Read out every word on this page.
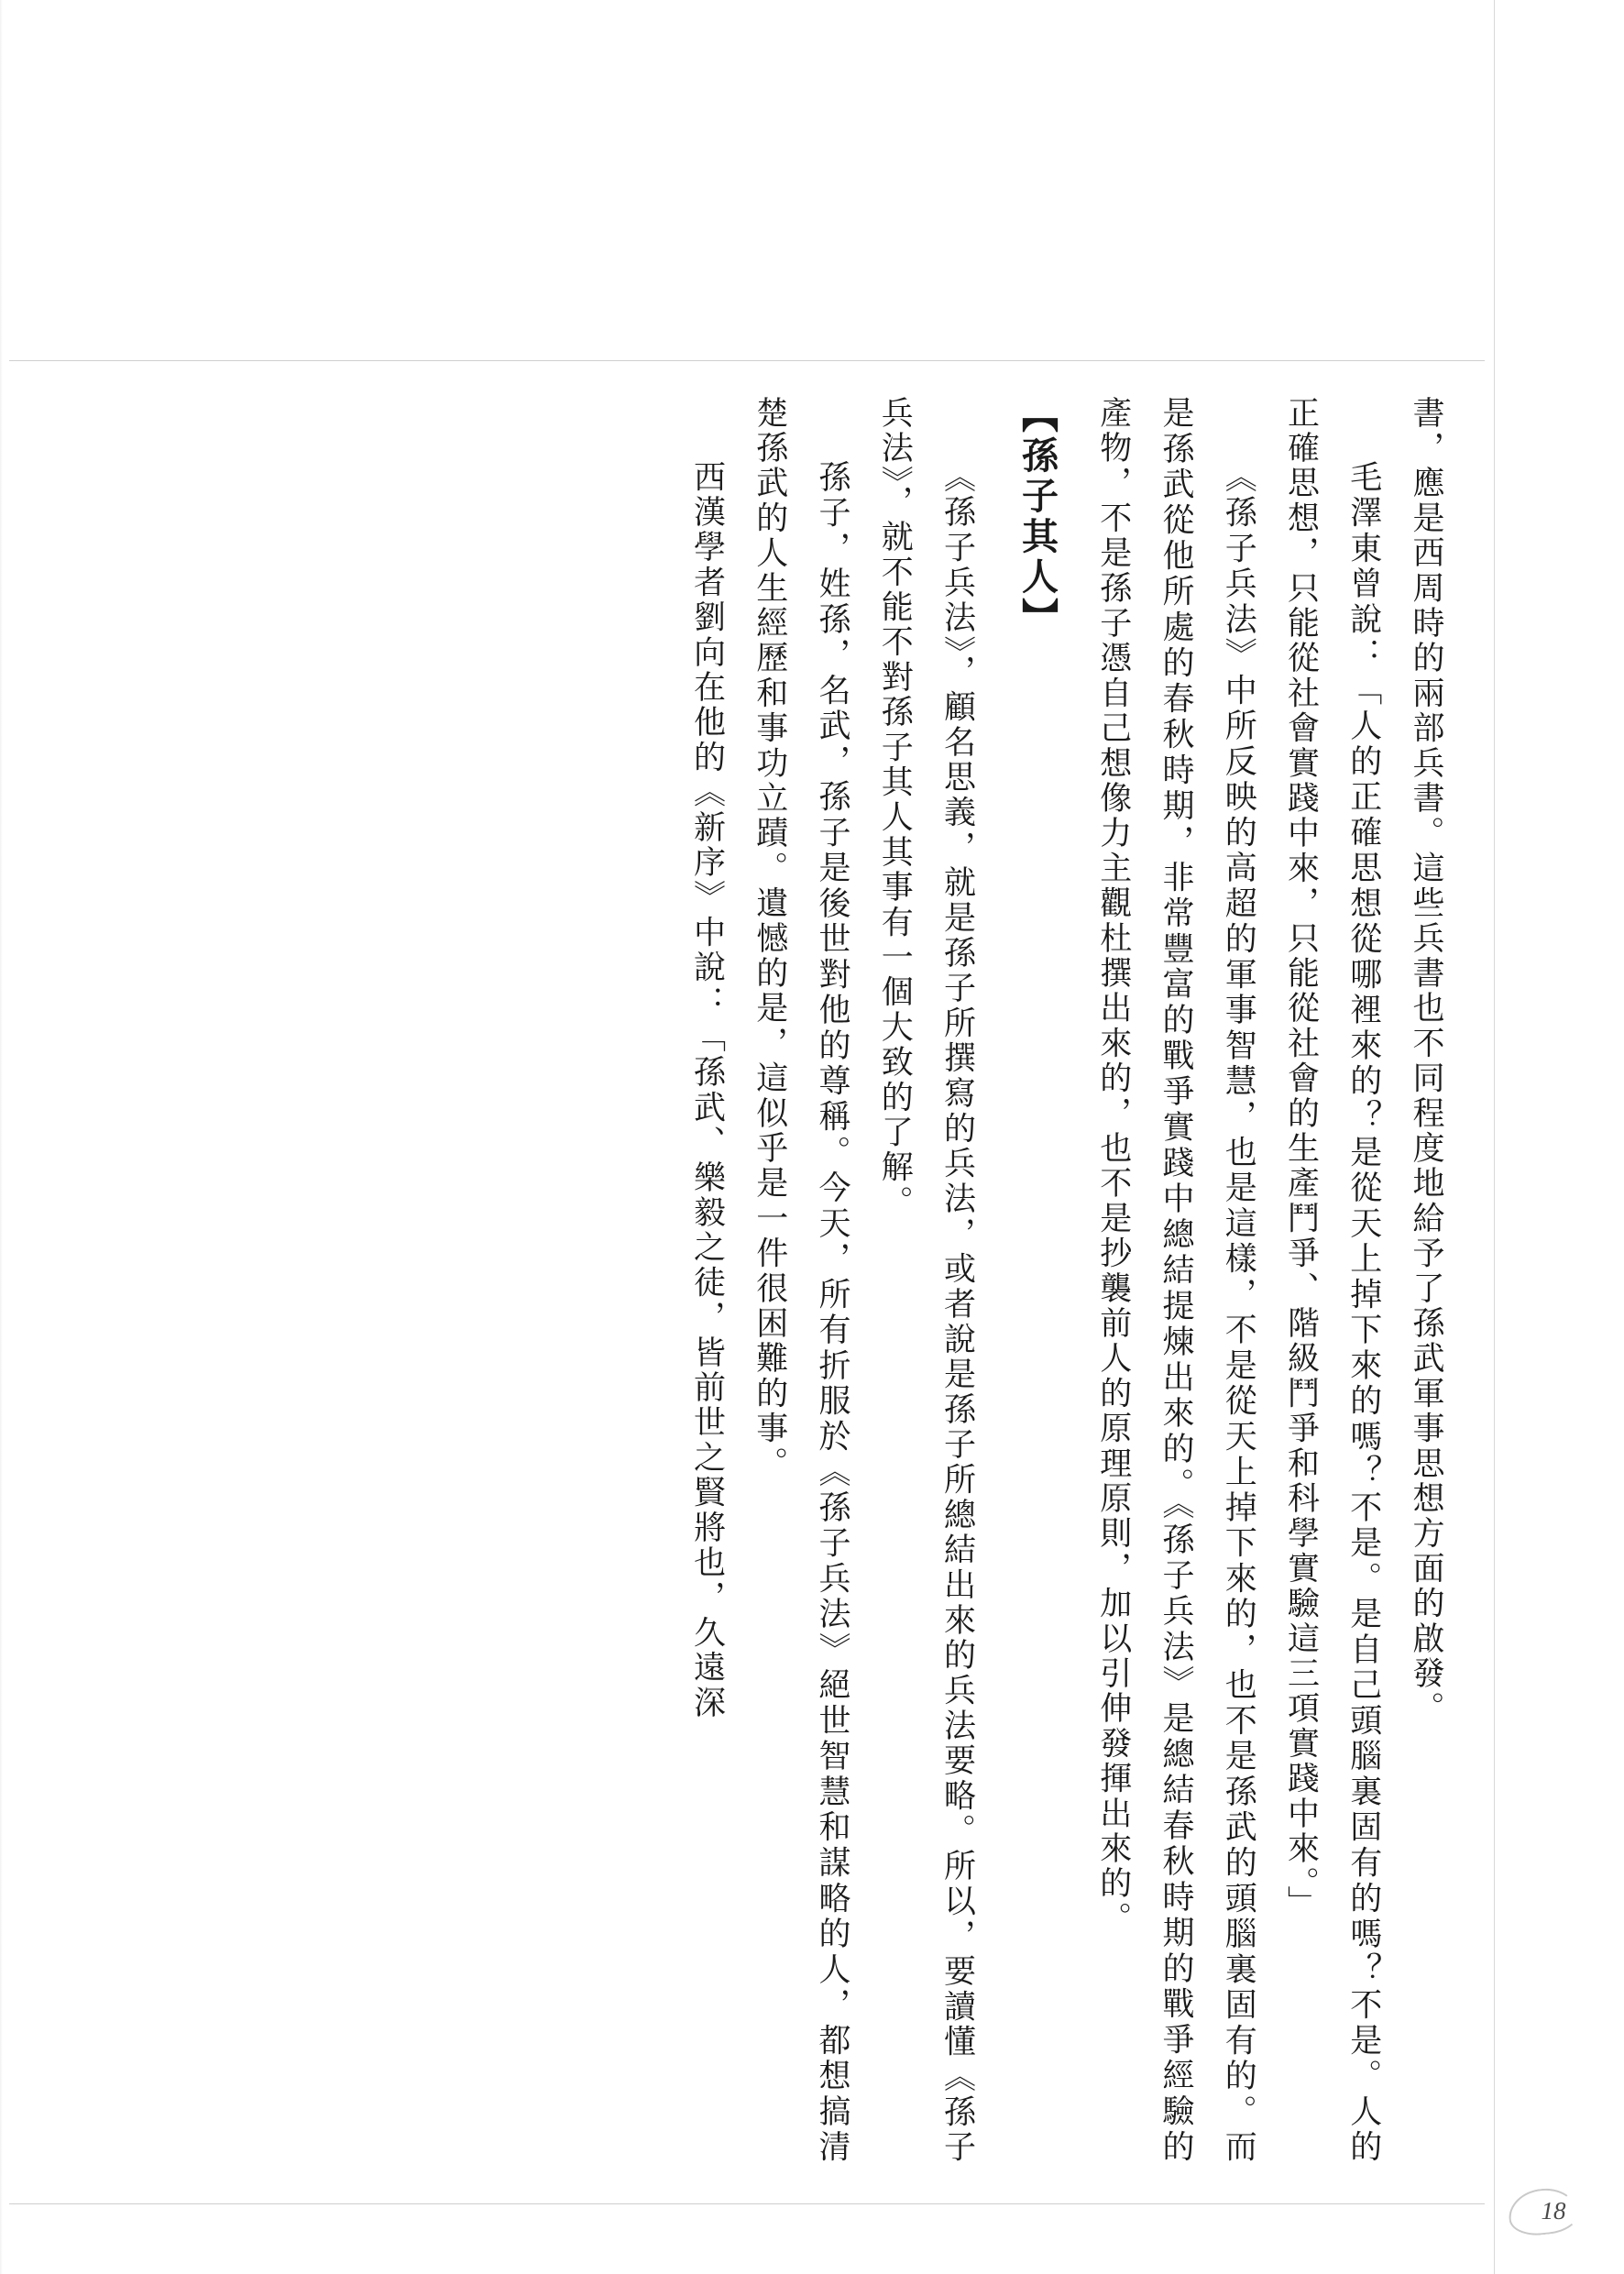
書，應是西周時的兩部兵書。這些兵書也不同程度地給予了孫武軍事思想方面的啟發。

毛澤東曾說：「人的正確思想從哪裡來的？是從天上掉下來的嗎？不是。是自己頭腦裏固有的嗎？不是。人的正確思想，只能從社會實踐中來，只能從社會的生產鬥爭、階級鬥爭和科學實驗這三項實踐中來。」

《孫子兵法》中所反映的高超的軍事智慧，也是這樣，不是從天上掉下來的，也不是孫武的頭腦裏固有的。而是孫武從他所處的春秋時期，非常豐富的戰爭實踐中總結提煉出來的。《孫子兵法》是總結春秋時期的戰爭經驗的產物，不是孫子憑自己想像力主觀杜撰出來的，也不是抄襲前人的原理原則，加以引伸發揮出來的。

【孫子其人】

《孫子兵法》，顧名思義，就是孫子所撰寫的兵法，或者說是孫子所總結出來的兵法要略。所以，要讀懂《孫子兵法》，就不能不對孫子其人其事有一個大致的了解。

孫子，姓孫，名武，孫子是後世對他的尊稱。今天，所有折服於《孫子兵法》絕世智慧和謀略的人，都想搞清楚孫武的人生經歷和事功立蹟。遺憾的是，這似乎是一件很困難的事。

西漢學者劉向在他的《新序》中說：「孫武、樂毅之徒，皆前世之賢將也，久遠深

18
